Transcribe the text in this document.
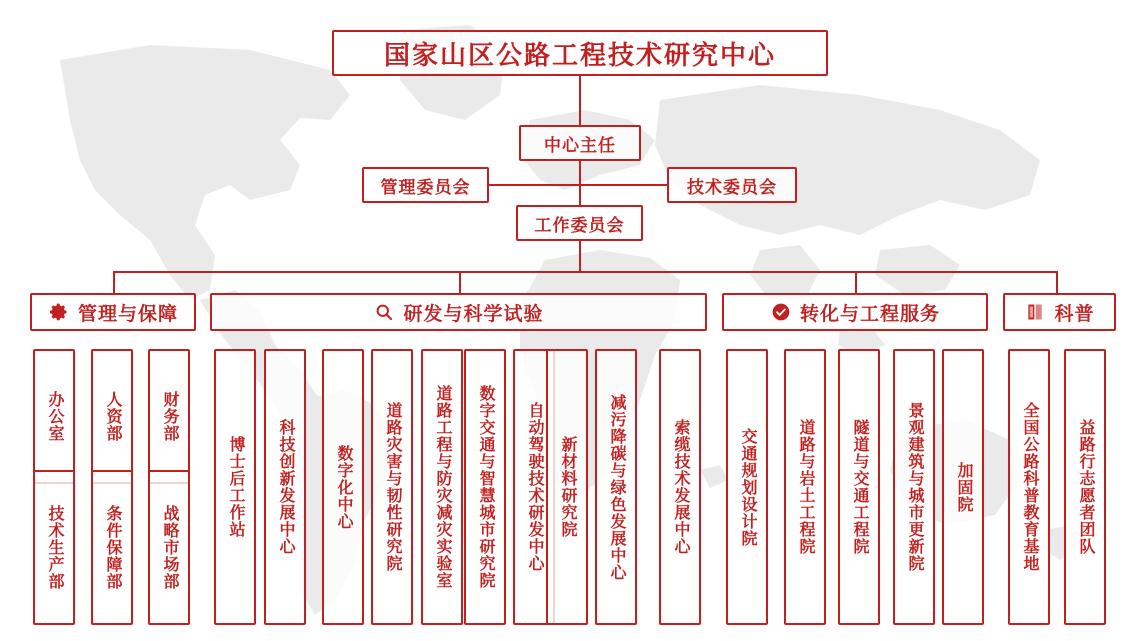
国家山区公路工程技术研究中心
中心主任
管理委员会	技术委员会
工作委员会
管理与保障	研发与科学试验	转化与工程服务	科普
办公室
技术生产部
人资部
条件保障部
财务部
战略市场部
博士后工作站 科技创新发展中心	数字化中心 道路灾害与韧性研究院 道路工程与防灾减灾实验室 数字交通与智慧城市研究院 自动驾驶技术研发中心 新材料研究院 减污降碳与绿色发展中心	索缆技术发展中心	交通规划设计院	道路与岩土工程院 隧道与交通工程院 景观建筑与城市更新院 加固院	全国公路科普教育基地 益路行志愿者团队
